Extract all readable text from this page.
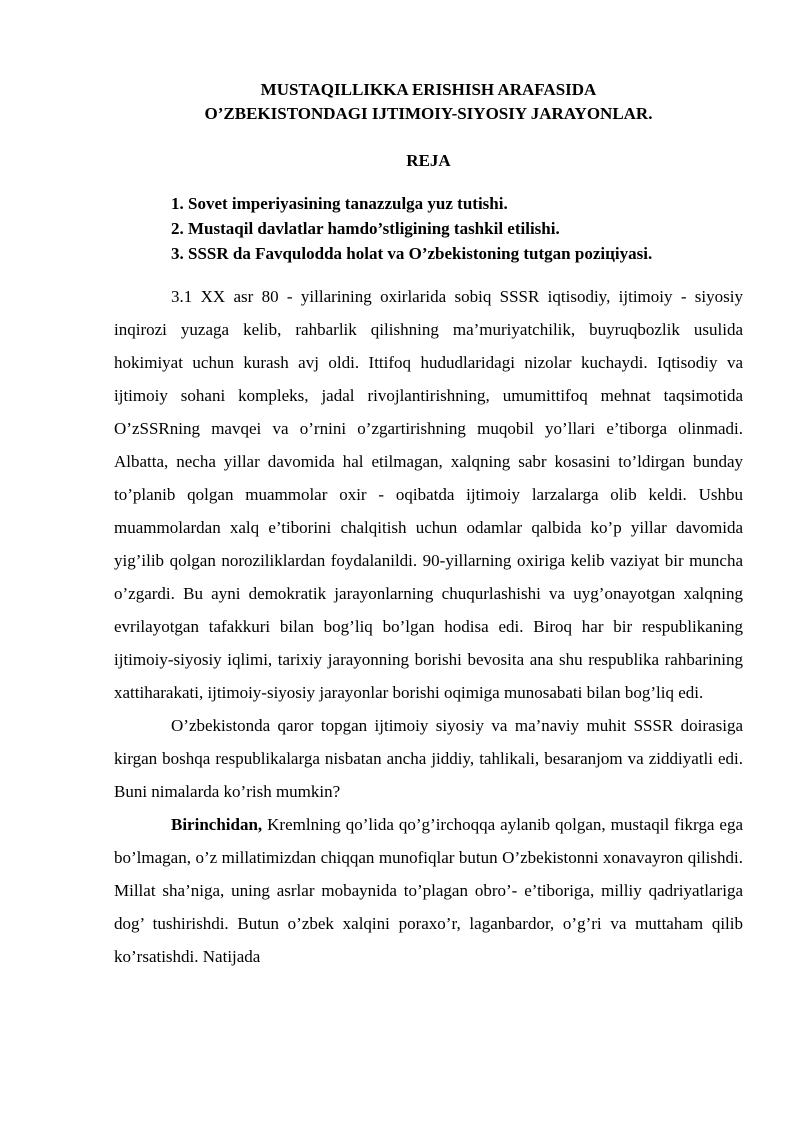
MUSTAQILLIKKA ERISHISH ARAFASIDA
O’ZBEKISTONDAGI IJTIMOIY-SIYOSIY JARAYONLAR.
REJA
1. Sovet imperiyasining tanazzulga yuz tutishi.
2. Mustaqil davlatlar hamdo’stligining tashkil etilishi.
3. SSSR da Favqulodda holat va O’zbekistoning tutgan poziцiyasi.

3.1 XX asr 80 - yillarining oxirlarida sobiq SSSR iqtisodiy, ijtimoiy - siyosiy inqirozi yuzaga kelib, rahbarlik qilishning ma’muriyatchilik, buyruqbozlik usulida hokimiyat uchun kurash avj oldi. Ittifoq hududlaridagi nizolar kuchaydi. Iqtisodiy va ijtimoiy sohani kompleks, jadal rivojlantirishning, umumittifoq mehnat taqsimotida O’zSSRning mavqei va o’rnini o’zgartirishning muqobil yo’llari e’tiborga olinmadi. Albatta, necha yillar davomida hal etilmagan, xalqning sabr kosasini to’ldirgan bunday to’planib qolgan muammolar oxir - oqibatda ijtimoiy larzalarga olib keldi. Ushbu muammolardan xalq e’tiborini chalqitish uchun odamlar qalbida ko’p yillar davomida yig’ilib qolgan noroziliklardan foydalanildi. 90-yillarning oxiriga kelib vaziyat bir muncha o’zgardi. Bu ayni demokratik jarayonlarning chuqurlashishi va uyg’onayotgan xalqning evrilayotgan tafakkuri bilan bog’liq bo’lgan hodisa edi. Biroq har bir respublikaning ijtimoiy-siyosiy iqlimi, tarixiy jarayonning borishi bevosita ana shu respublika rahbarining xattiharakati, ijtimoiy-siyosiy jarayonlar borishi oqimiga munosabati bilan bog’liq edi.

O’zbekistonda qaror topgan ijtimoiy siyosiy va ma’naviy muhit SSSR doirasiga kirgan boshqa respublikalarga nisbatan ancha jiddiy, tahlikali, besaranjom va ziddiyatli edi. Buni nimalarda ko’rish mumkin?

Birinchidan, Kremlning qo’lida qo’g’irchoqqa aylanib qolgan, mustaqil fikrga ega bo’lmagan, o’z millatimizdan chiqqan munofiqlar butun O’zbekistonni xonavayron qilishdi. Millat sha’niga, uning asrlar mobaynida to’plagan obro’- e’tiboriga, milliy qadriyatlariga dog’ tushirishdi. Butun o’zbek xalqini poraxo’r, laganbardor, o’g’ri va muttaham qilib ko’rsatishdi. Natijada
